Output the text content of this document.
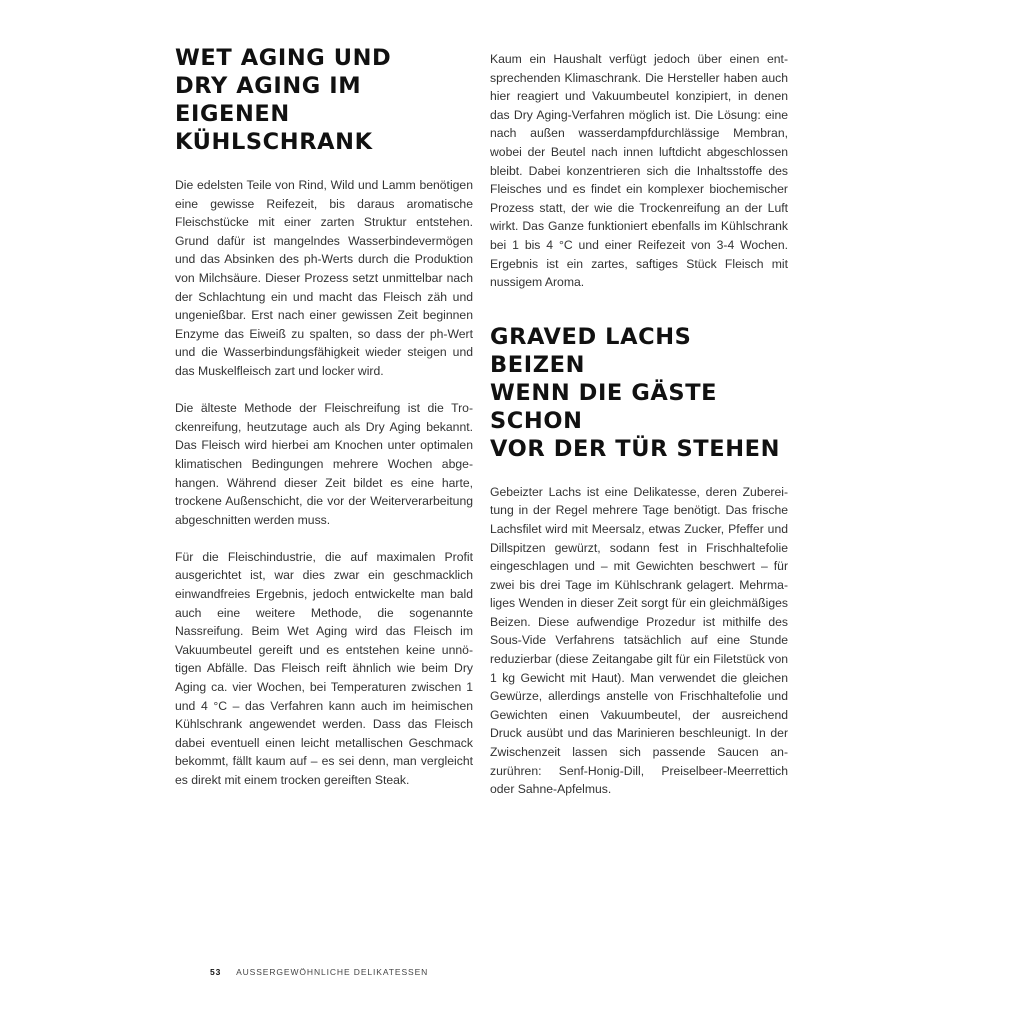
WET AGING UND
DRY AGING IM EIGENEN
KÜHLSCHRANK

Die edelsten Teile von Rind, Wild und Lamm benötigen eine gewisse Reifezeit, bis daraus aromatische Fleischstücke mit einer zarten Struktur entstehen. Grund dafür ist mangelndes Wasserbindevermögen und das Absinken des ph-Werts durch die Produktion von Milchsäure. Dieser Prozess setzt unmittelbar nach der Schlachtung ein und macht das Fleisch zäh und ungenießbar. Erst nach einer gewissen Zeit beginnen Enzyme das Eiweiß zu spalten, so dass der ph-Wert und die Wasserbindungsfähigkeit wieder steigen und das Muskelfleisch zart und locker wird.

Die älteste Methode der Fleischreifung ist die Trockenreifung, heutzutage auch als Dry Aging bekannt. Das Fleisch wird hierbei am Knochen unter optimalen klimatischen Bedingungen mehrere Wochen abgehangen. Während dieser Zeit bildet es eine harte, trockene Außenschicht, die vor der Weiterverarbeitung abgeschnitten werden muss.

Für die Fleischindustrie, die auf maximalen Profit ausgerichtet ist, war dies zwar ein geschmacklich einwandfreies Ergebnis, jedoch entwickelte man bald auch eine weitere Methode, die sogenannte Nassreifung. Beim Wet Aging wird das Fleisch im Vakuumbeutel gereift und es entstehen keine unnötigen Abfälle. Das Fleisch reift ähnlich wie beim Dry Aging ca. vier Wochen, bei Temperaturen zwischen 1 und 4 °C – das Verfahren kann auch im heimischen Kühlschrank angewendet werden. Dass das Fleisch dabei eventuell einen leicht metallischen Geschmack bekommt, fällt kaum auf – es sei denn, man vergleicht es direkt mit einem trocken gereiften Steak.

Kaum ein Haushalt verfügt jedoch über einen entsprechenden Klimaschrank. Die Hersteller haben auch hier reagiert und Vakuumbeutel konzipiert, in denen das Dry Aging-Verfahren möglich ist. Die Lösung: eine nach außen wasserdampfdurchlässige Membran, wobei der Beutel nach innen luftdicht abgeschlossen bleibt. Dabei konzentrieren sich die Inhaltsstoffe des Fleisches und es findet ein komplexer biochemischer Prozess statt, der wie die Trockenreifung an der Luft wirkt. Das Ganze funktioniert ebenfalls im Kühlschrank bei 1 bis 4 °C und einer Reifezeit von 3-4 Wochen. Ergebnis ist ein zartes, saftiges Stück Fleisch mit nussigem Aroma.

GRAVED LACHS BEIZEN
WENN DIE GÄSTE SCHON
VOR DER TÜR STEHEN

Gebeizter Lachs ist eine Delikatesse, deren Zubereitung in der Regel mehrere Tage benötigt. Das frische Lachsfilet wird mit Meersalz, etwas Zucker, Pfeffer und Dillspitzen gewürzt, sodann fest in Frischhaltefolie eingeschlagen und – mit Gewichten beschwert – für zwei bis drei Tage im Kühlschrank gelagert. Mehrmaliges Wenden in dieser Zeit sorgt für ein gleichmäßiges Beizen. Diese aufwendige Prozedur ist mithilfe des Sous-Vide Verfahrens tatsächlich auf eine Stunde reduzierbar (diese Zeitangabe gilt für ein Filetstück von 1 kg Gewicht mit Haut). Man verwendet die gleichen Gewürze, allerdings anstelle von Frischhaltefolie und Gewichten einen Vakuumbeutel, der ausreichend Druck ausübt und das Marinieren beschleunigt. In der Zwischenzeit lassen sich passende Saucen anzurühren: Senf-Honig-Dill, Preiselbeer-Meerrettich oder Sahne-Apfelmus.

53 AUSSERGEWÖHNLICHE DELIKATESSEN
